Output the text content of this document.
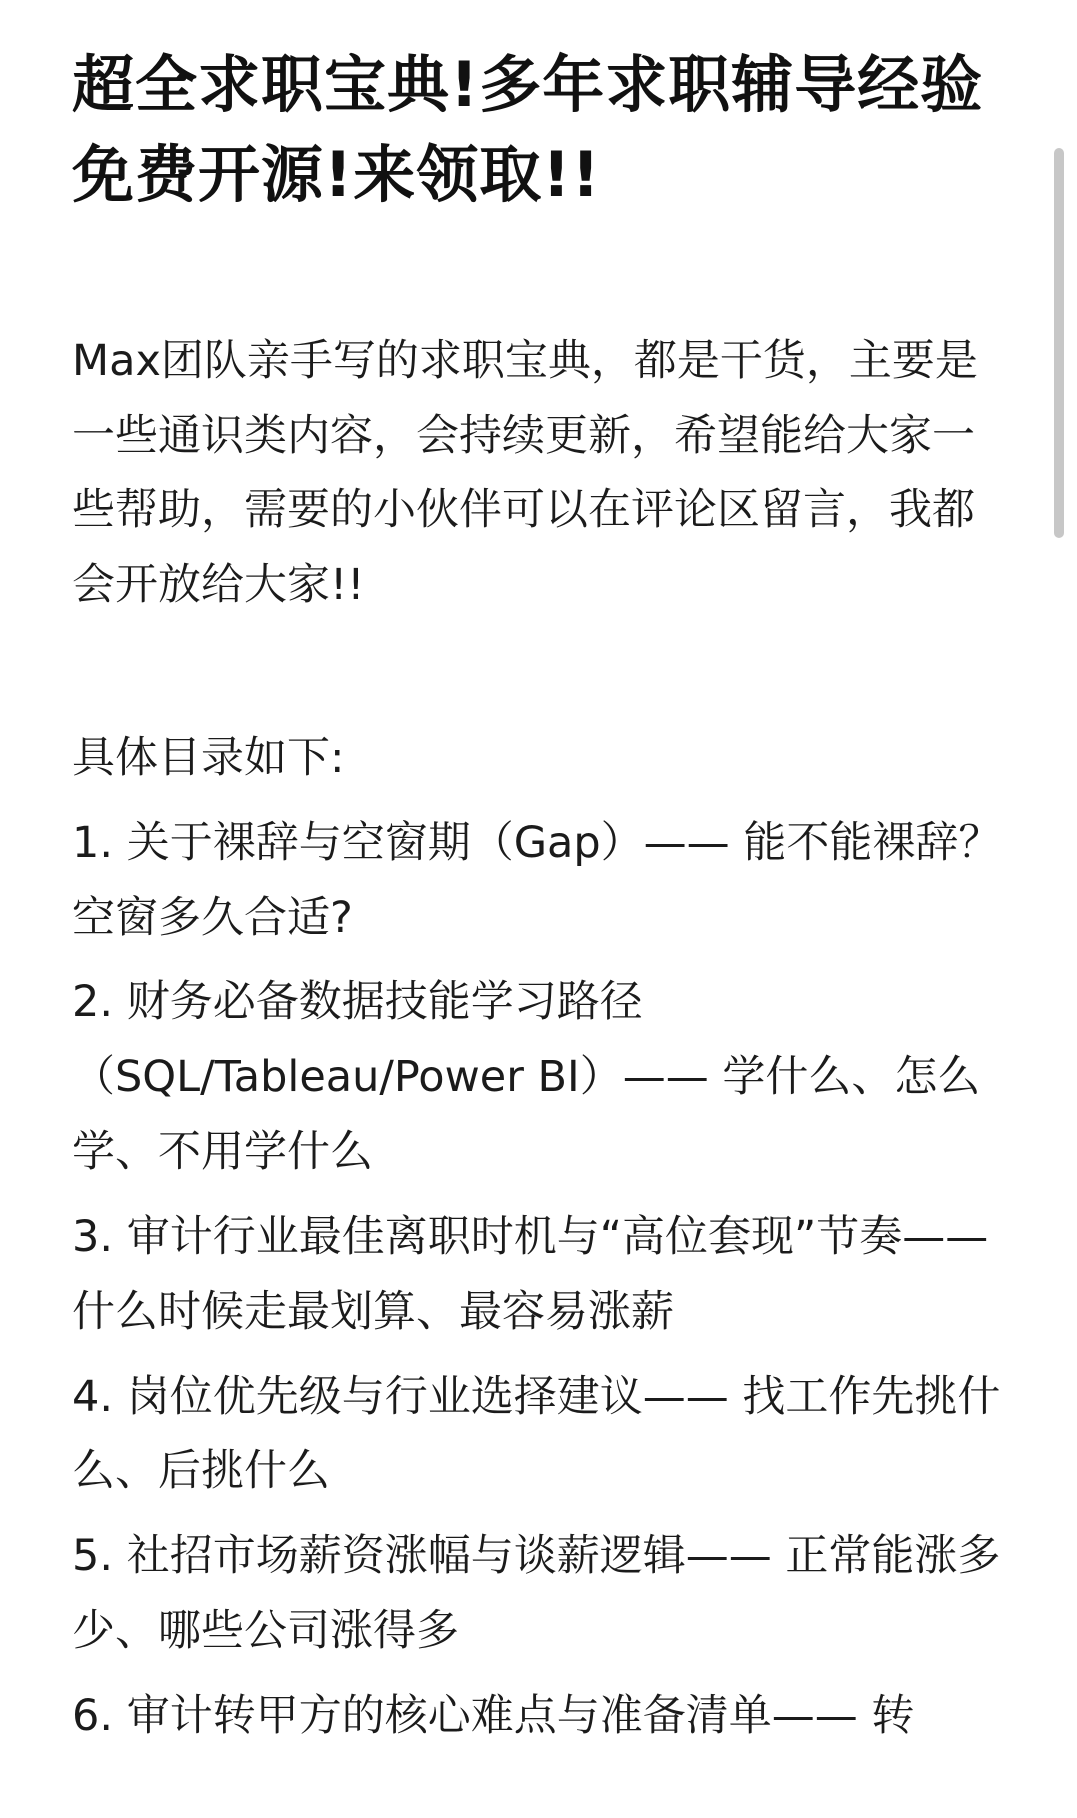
超全求职宝典!多年求职辅导经验免费开源!来领取!!

Max团队亲手写的求职宝典，都是干货，主要是一些通识类内容，会持续更新，希望能给大家一些帮助，需要的小伙伴可以在评论区留言，我都会开放给大家!!

具体目录如下:

1. 关于裸辞与空窗期（Gap）—— 能不能裸辞？空窗多久合适?
2. 财务必备数据技能学习路径（SQL/Tableau/Power BI）—— 学什么、怎么学、不用学什么
3. 审计行业最佳离职时机与“高位套现”节奏—— 什么时候走最划算、最容易涨薪
4. 岗位优先级与行业选择建议—— 找工作先挑什么、后挑什么
5. 社招市场薪资涨幅与谈薪逻辑—— 正常能涨多少、哪些公司涨得多
6. 审计转甲方的核心难点与准备清单—— 转
